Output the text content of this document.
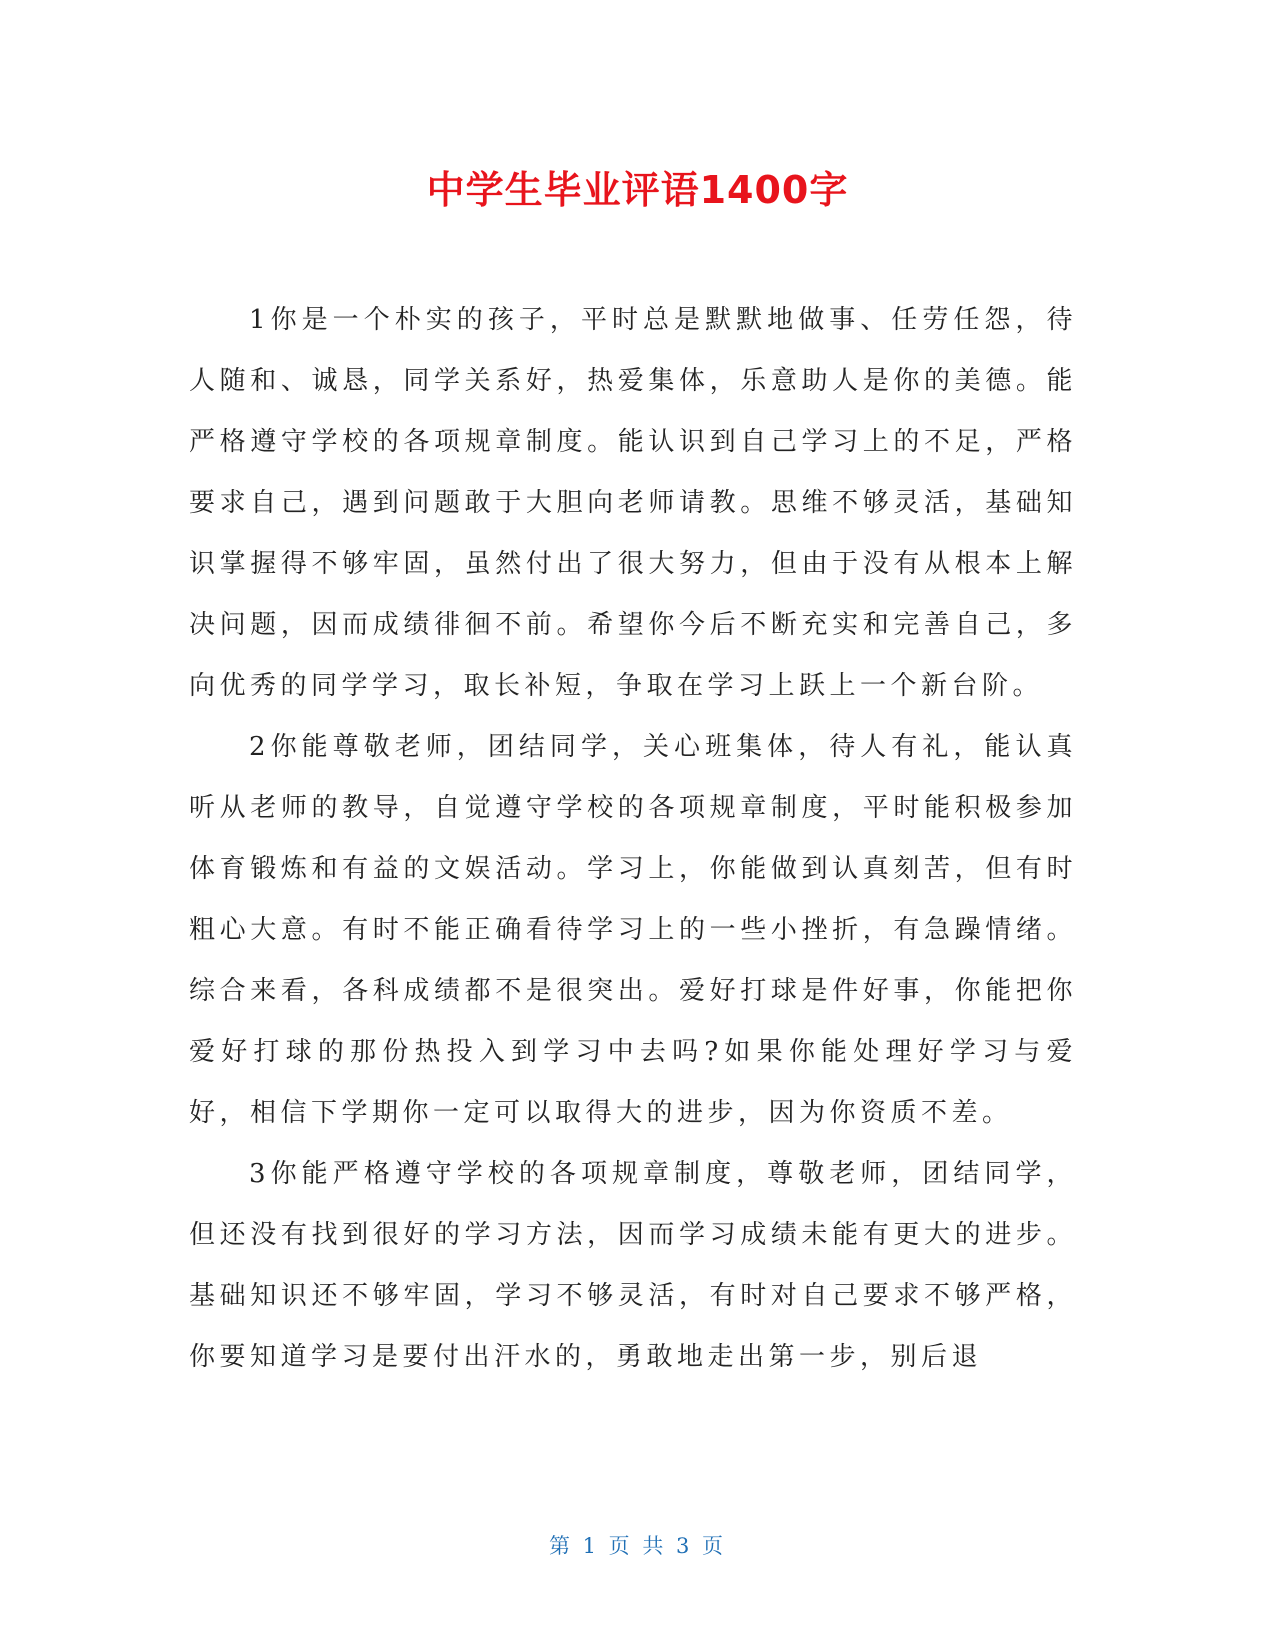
中学生毕业评语1400字

1你是一个朴实的孩子，平时总是默默地做事、任劳任怨，待人随和、诚恳，同学关系好，热爱集体，乐意助人是你的美德。能严格遵守学校的各项规章制度。能认识到自己学习上的不足，严格要求自己，遇到问题敢于大胆向老师请教。思维不够灵活，基础知识掌握得不够牢固，虽然付出了很大努力，但由于没有从根本上解决问题，因而成绩徘徊不前。希望你今后不断充实和完善自己，多向优秀的同学学习，取长补短，争取在学习上跃上一个新台阶。

2你能尊敬老师，团结同学，关心班集体，待人有礼，能认真听从老师的教导，自觉遵守学校的各项规章制度，平时能积极参加体育锻炼和有益的文娱活动。学习上，你能做到认真刻苦，但有时粗心大意。有时不能正确看待学习上的一些小挫折，有急躁情绪。综合来看，各科成绩都不是很突出。爱好打球是件好事，你能把你爱好打球的那份热投入到学习中去吗?如果你能处理好学习与爱好，相信下学期你一定可以取得大的进步，因为你资质不差。

3你能严格遵守学校的各项规章制度，尊敬老师，团结同学，但还没有找到很好的学习方法，因而学习成绩未能有更大的进步。基础知识还不够牢固，学习不够灵活，有时对自己要求不够严格，你要知道学习是要付出汗水的，勇敢地走出第一步，别后退

第 1 页 共 3 页
